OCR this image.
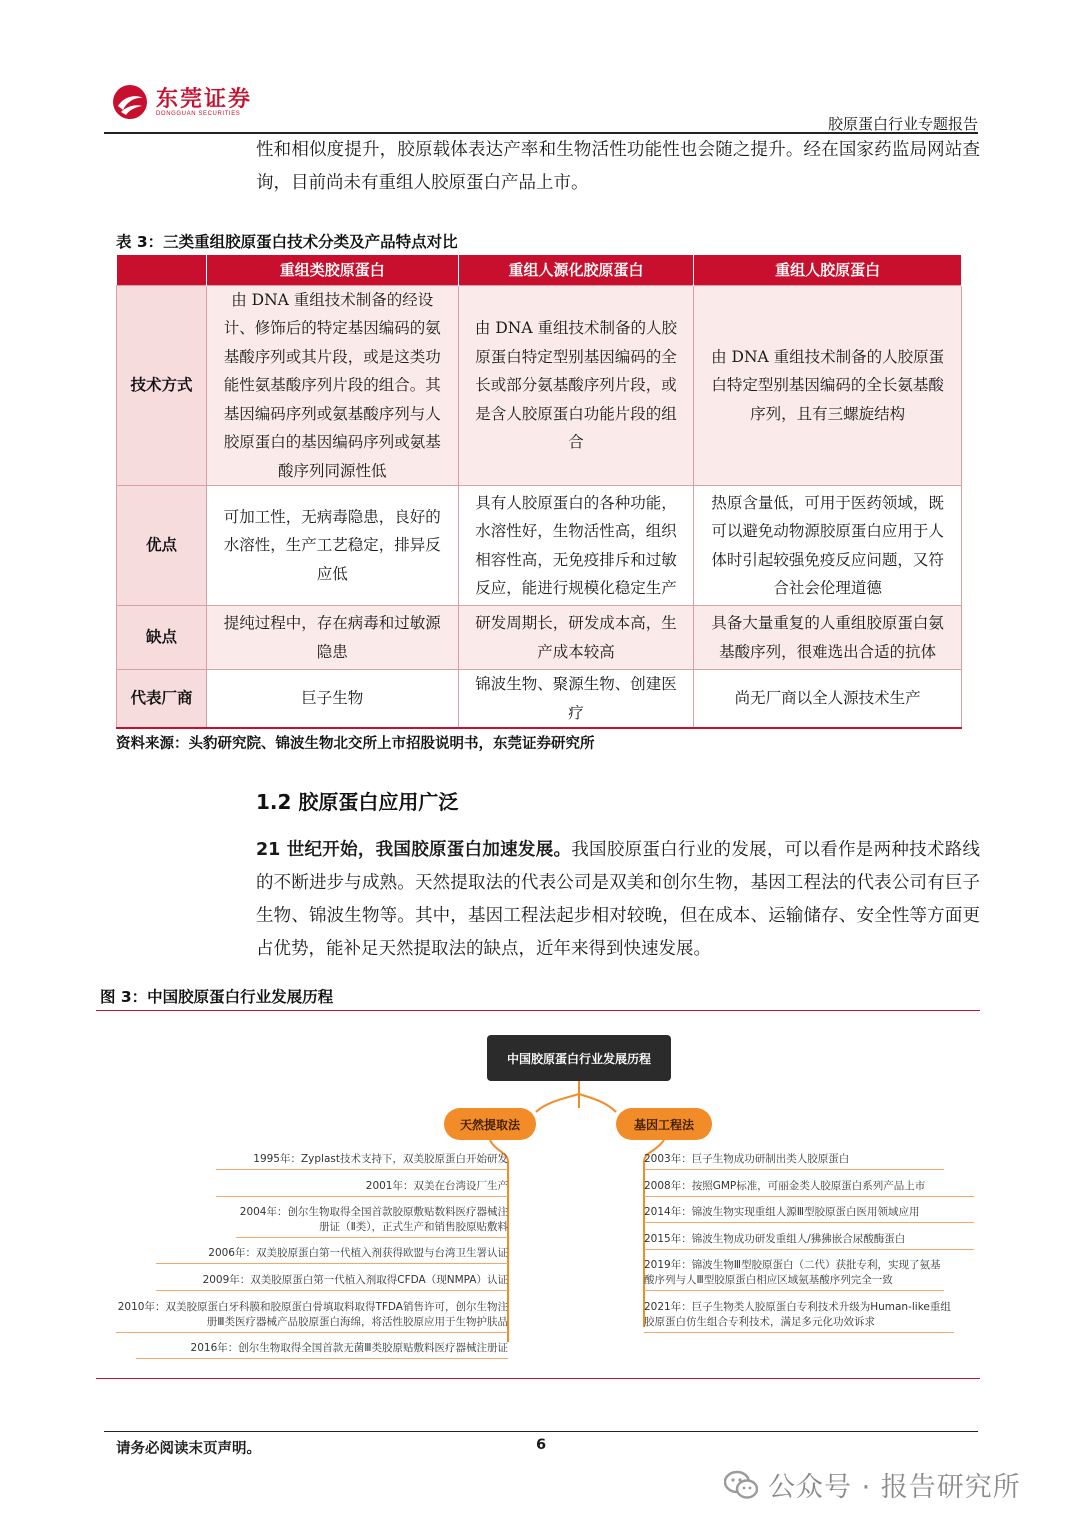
东莞证券
DONGGUAN SECURITIES
胶原蛋白行业专题报告
性和相似度提升，胶原载体表达产率和生物活性功能性也会随之提升。经在国家药监局网站查询，目前尚未有重组人胶原蛋白产品上市。
表 3：三类重组胶原蛋白技术分类及产品特点对比
	重组类胶原蛋白	重组人源化胶原蛋白	重组人胶原蛋白
技术方式	由 DNA 重组技术制备的经设计、修饰后的特定基因编码的氨基酸序列或其片段，或是这类功能性氨基酸序列片段的组合。其基因编码序列或氨基酸序列与人胶原蛋白的基因编码序列或氨基酸序列同源性低	由 DNA 重组技术制备的人胶原蛋白特定型别基因编码的全长或部分氨基酸序列片段，或是含人胶原蛋白功能片段的组合	由 DNA 重组技术制备的人胶原蛋白特定型别基因编码的全长氨基酸序列，且有三螺旋结构
优点	可加工性，无病毒隐患，良好的水溶性，生产工艺稳定，排异反应低	具有人胶原蛋白的各种功能，水溶性好，生物活性高，组织相容性高，无免疫排斥和过敏反应，能进行规模化稳定生产	热原含量低，可用于医药领域，既可以避免动物源胶原蛋白应用于人体时引起较强免疫反应问题，又符合社会伦理道德
缺点	提纯过程中，存在病毒和过敏源隐患	研发周期长，研发成本高，生产成本较高	具备大量重复的人重组胶原蛋白氨基酸序列，很难选出合适的抗体
代表厂商	巨子生物	锦波生物、聚源生物、创建医疗	尚无厂商以全人源技术生产
资料来源：头豹研究院、锦波生物北交所上市招股说明书，东莞证券研究所
1.2 胶原蛋白应用广泛
21 世纪开始，我国胶原蛋白加速发展。我国胶原蛋白行业的发展，可以看作是两种技术路线的不断进步与成熟。天然提取法的代表公司是双美和创尔生物，基因工程法的代表公司有巨子生物、锦波生物等。其中，基因工程法起步相对较晚，但在成本、运输储存、安全性等方面更占优势，能补足天然提取法的缺点，近年来得到快速发展。
图 3：中国胶原蛋白行业发展历程
中国胶原蛋白行业发展历程
天然提取法	基因工程法
1995年：Zyplast技术支持下，双美胶原蛋白开始研发
2001年：双美在台湾设厂生产
2004年：创尔生物取得全国首款胶原敷贴数料医疗器械注册证（Ⅱ类），正式生产和销售胶原贴敷料
2006年：双美胶原蛋白第一代植入剂获得欧盟与台湾卫生署认证
2009年：双美胶原蛋白第一代植入剂取得CFDA（现NMPA）认证
2010年：双美胶原蛋白牙科膜和胶原蛋白骨填取料取得TFDA销售许可，创尔生物注册Ⅲ类医疗器械产品胶原蛋白海绵，将活性胶原应用于生物护肤品
2016年：创尔生物取得全国首款无菌Ⅲ类胶原贴敷料医疗器械注册证
2003年：巨子生物成功研制出类人胶原蛋白
2008年：按照GMP标准，可丽金类人胶原蛋白系列产品上市
2014年：锦波生物实现重组人源Ⅲ型胶原蛋白医用领域应用
2015年：锦波生物成功研发重组人/狒狒嵌合尿酸酶蛋白
2019年：锦波生物Ⅲ型胶原蛋白（二代）获批专利，实现了氨基酸序列与人Ⅲ型胶原蛋白相应区域氨基酸序列完全一致
2021年：巨子生物类人胶原蛋白专利技术升级为Human-like重组胶原蛋白仿生组合专利技术，满足多元化功效诉求
请务必阅读末页声明。	6
公众号 · 报告研究所
